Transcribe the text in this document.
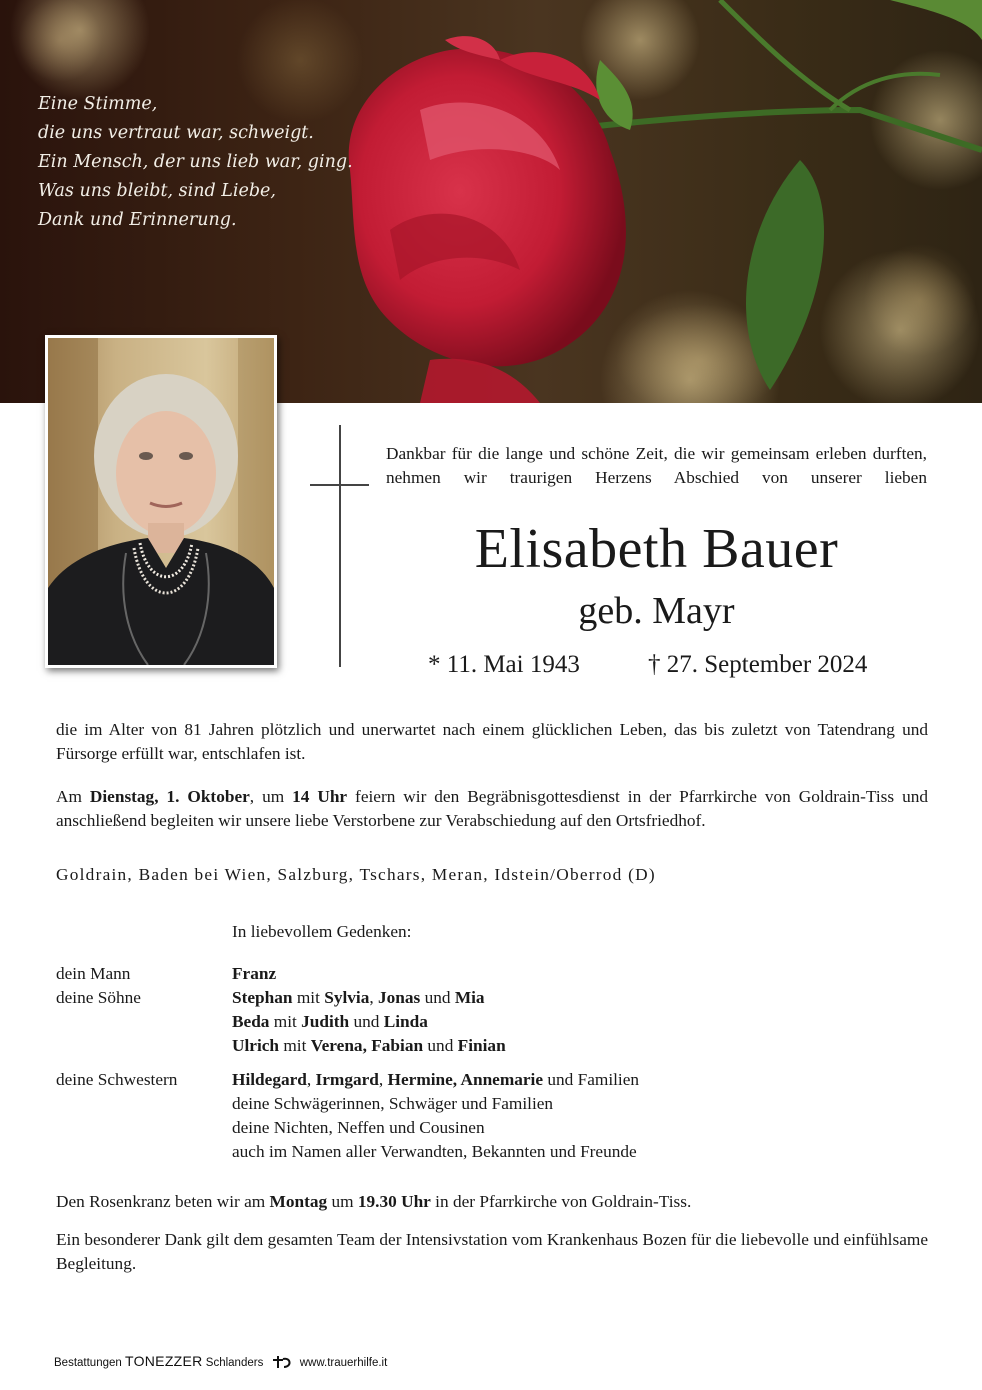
Eine Stimme,
die uns vertraut war, schweigt.
Ein Mensch, der uns lieb war, ging.
Was uns bleibt, sind Liebe,
Dank und Erinnerung.

Dankbar für die lange und schöne Zeit, die wir gemeinsam erleben durften, nehmen wir traurigen Herzens Abschied von unserer lieben

Elisabeth Bauer

geb. Mayr

* 11. Mai 1943	† 27. September 2024

die im Alter von 81 Jahren plötzlich und unerwartet nach einem glücklichen Leben, das bis zuletzt von Tatendrang und Fürsorge erfüllt war, entschlafen ist.

Am Dienstag, 1. Oktober, um 14 Uhr feiern wir den Begräbnisgottesdienst in der Pfarrkirche von Goldrain-Tiss und anschließend begleiten wir unsere liebe Verstorbene zur Verabschiedung auf den Ortsfriedhof.

Goldrain, Baden bei Wien, Salzburg, Tschars, Meran, Idstein/Oberrod (D)

In liebevollem Gedenken:

dein Mann	Franz
deine Söhne	Stephan mit Sylvia, Jonas und Mia
Beda mit Judith und Linda
Ulrich mit Verena, Fabian und Finian
deine Schwestern	Hildegard, Irmgard, Hermine, Annemarie und Familien
deine Schwägerinnen, Schwäger und Familien
deine Nichten, Neffen und Cousinen
auch im Namen aller Verwandten, Bekannten und Freunde

Den Rosenkranz beten wir am Montag um 19.30 Uhr in der Pfarrkirche von Goldrain-Tiss.

Ein besonderer Dank gilt dem gesamten Team der Intensivstation vom Krankenhaus Bozen für die liebevolle und einfühlsame Begleitung.

Bestattungen TONEZZER Schlanders	www.trauerhilfe.it
